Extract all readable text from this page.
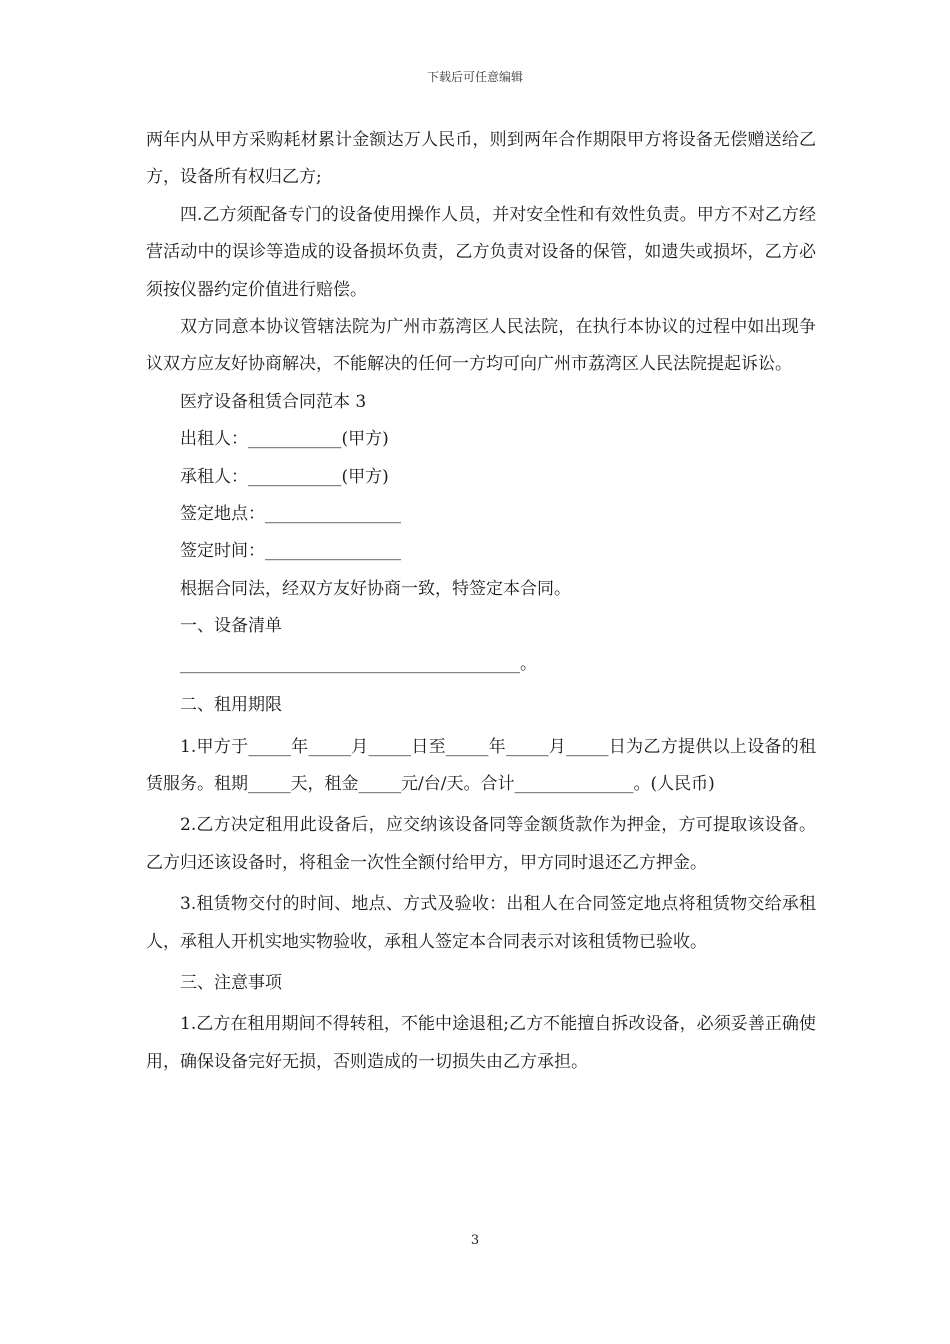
下载后可任意编辑

两年内从甲方采购耗材累计金额达万人民币，则到两年合作期限甲方将设备无偿赠送给乙方，设备所有权归乙方;

四.乙方须配备专门的设备使用操作人员，并对安全性和有效性负责。甲方不对乙方经营活动中的误诊等造成的设备损坏负责，乙方负责对设备的保管，如遗失或损坏，乙方必须按仪器约定价值进行赔偿。

双方同意本协议管辖法院为广州市荔湾区人民法院，在执行本协议的过程中如出现争议双方应友好协商解决，不能解决的任何一方均可向广州市荔湾区人民法院提起诉讼。

医疗设备租赁合同范本 3

出租人：___________(甲方)

承租人：___________(甲方)

签定地点：________________

签定时间：________________

根据合同法，经双方友好协商一致，特签定本合同。

一、设备清单

________________________________________。

二、租用期限

1.甲方于_____年_____月_____日至_____年_____月_____日为乙方提供以上设备的租赁服务。租期_____天，租金_____元/台/天。合计______________。(人民币)

2.乙方决定租用此设备后，应交纳该设备同等金额货款作为押金，方可提取该设备。乙方归还该设备时，将租金一次性全额付给甲方，甲方同时退还乙方押金。

3.租赁物交付的时间、地点、方式及验收：出租人在合同签定地点将租赁物交给承租人，承租人开机实地实物验收，承租人签定本合同表示对该租赁物已验收。

三、注意事项

1.乙方在租用期间不得转租，不能中途退租;乙方不能擅自拆改设备，必须妥善正确使用，确保设备完好无损，否则造成的一切损失由乙方承担。

3
